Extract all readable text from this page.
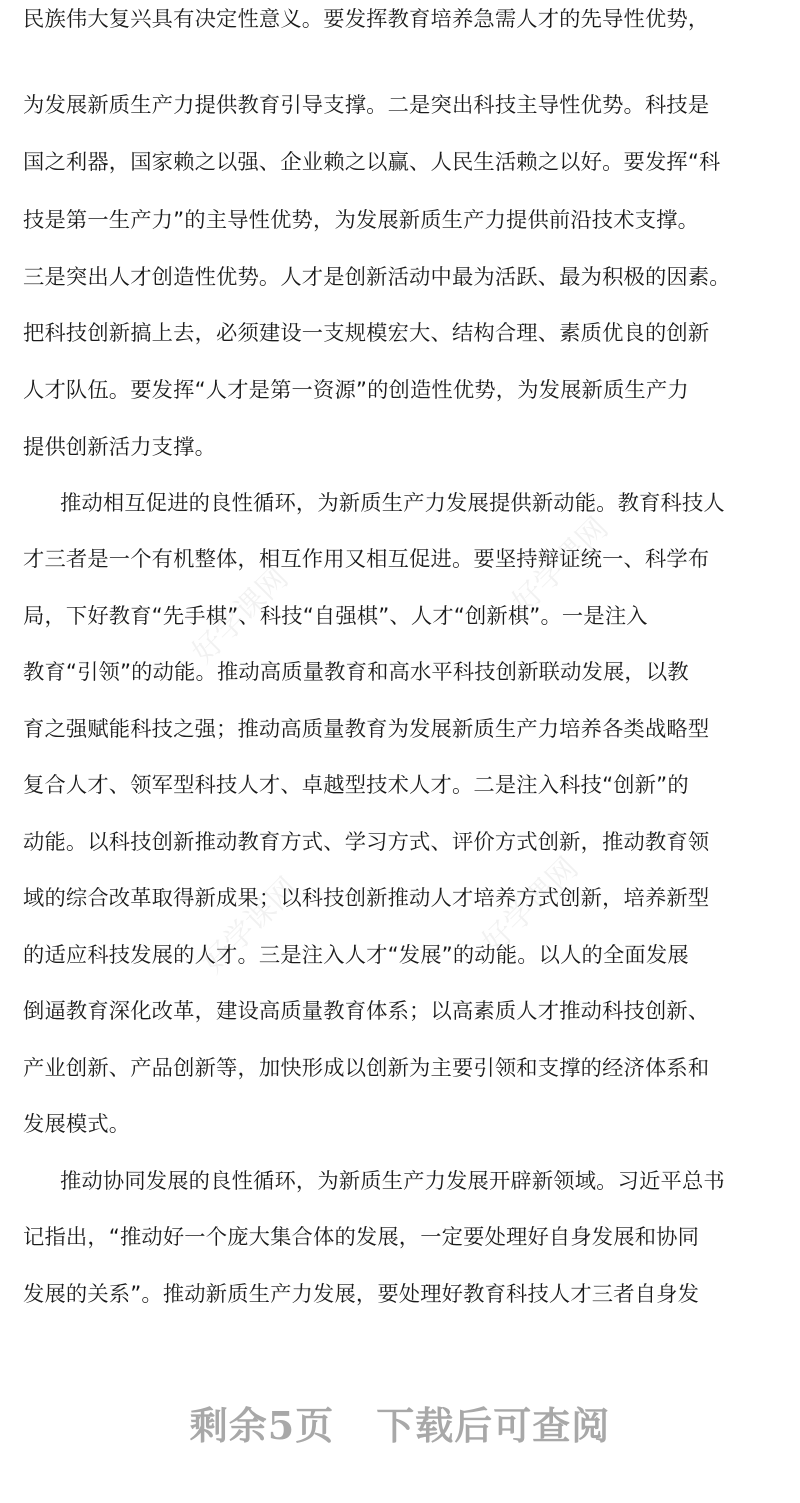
好学课网	好学课网
好学课网	好学课网
民族伟大复兴具有决定性意义。要发挥教育培养急需人才的先导性优势，
为发展新质生产力提供教育引导支撑。二是突出科技主导性优势。科技是
国之利器，国家赖之以强、企业赖之以赢、人民生活赖之以好。要发挥“科
技是第一生产力”的主导性优势，为发展新质生产力提供前沿技术支撑。
三是突出人才创造性优势。人才是创新活动中最为活跃、最为积极的因素。
把科技创新搞上去，必须建设一支规模宏大、结构合理、素质优良的创新
人才队伍。要发挥“人才是第一资源”的创造性优势，为发展新质生产力
提供创新活力支撑。
推动相互促进的良性循环，为新质生产力发展提供新动能。教育科技人
才三者是一个有机整体，相互作用又相互促进。要坚持辩证统一、科学布
局，下好教育“先手棋”、科技“自强棋”、人才“创新棋”。一是注入
教育“引领”的动能。推动高质量教育和高水平科技创新联动发展，以教
育之强赋能科技之强；推动高质量教育为发展新质生产力培养各类战略型
复合人才、领军型科技人才、卓越型技术人才。二是注入科技“创新”的
动能。以科技创新推动教育方式、学习方式、评价方式创新，推动教育领
域的综合改革取得新成果；以科技创新推动人才培养方式创新，培养新型
的适应科技发展的人才。三是注入人才“发展”的动能。以人的全面发展
倒逼教育深化改革，建设高质量教育体系；以高素质人才推动科技创新、
产业创新、产品创新等，加快形成以创新为主要引领和支撑的经济体系和
发展模式。
推动协同发展的良性循环，为新质生产力发展开辟新领域。习近平总书
记指出，“推动好一个庞大集合体的发展，一定要处理好自身发展和协同
发展的关系”。推动新质生产力发展，要处理好教育科技人才三者自身发
剩余5页 下载后可查阅
